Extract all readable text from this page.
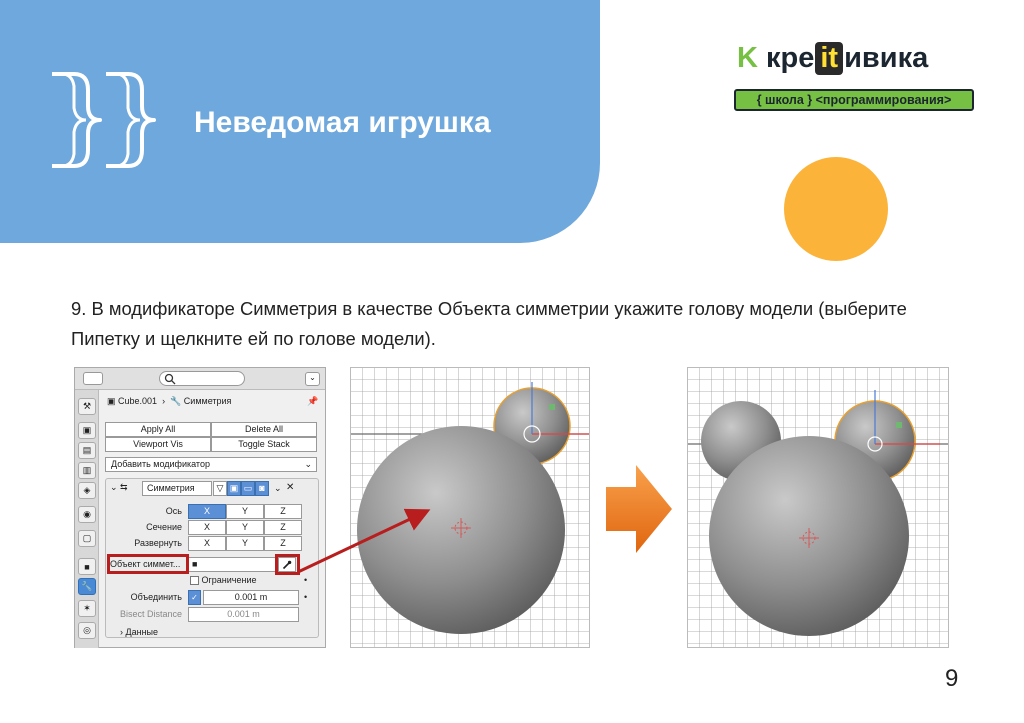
Неведомая игрушка
K кре it ивика
{ школа } <программирования>
9. В модификаторе Симметрия в качестве Объекта симметрии укажите голову модели (выберите Пипетку и щелкните ей по голове модели).
⌄
⚒
▣
▤
▥
◈
◉
▢
■
🔧
✶
◎
▣ Cube.001  ›  🔧 Симметрия	📌
Apply All	Delete All
Viewport Vis	Toggle Stack
Добавить модификатор	⌄
⌄ ⇆	Симметрия	▽ ▣ ▭ ◙	⌄ ✕
Ось	X	Y	Z
Сечение	X	Y	Z
Развернуть	X	Y	Z
Объект симмет...	■
Ограничение	•
Объединить	✓	0.001 m	•
Bisect Distance	0.001 m
› Данные
9
